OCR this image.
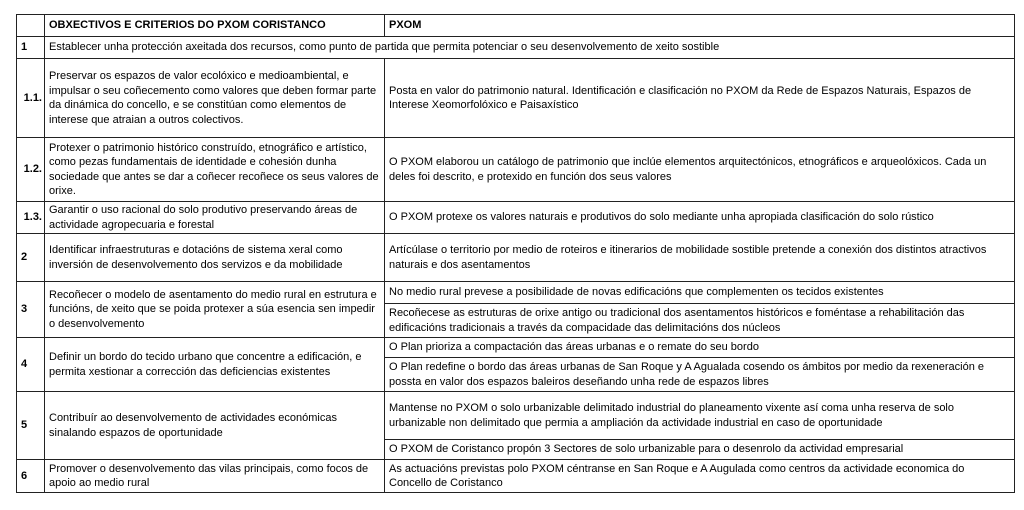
	OBXECTIVOS E CRITERIOS DO PXOM CORISTANCO	PXOM
1	Establecer unha protección axeitada dos recursos, como punto de partida que permita potenciar o seu desenvolvemento de xeito sostible	
1.1.	Preservar os espazos de valor ecolóxico e medioambiental, e impulsar o seu coñecemento como valores que deben formar parte da dinámica do concello, e se constitúan como elementos de interese que atraian a outros colectivos.	Posta en valor do patrimonio natural. Identificación e clasificación no PXOM da Rede de Espazos Naturais, Espazos de Interese Xeomorfolóxico e Paisaxístico
1.2.	Protexer o patrimonio histórico construído, etnográfico e artístico, como pezas fundamentais de identidade e cohesión dunha sociedade que antes se dar a coñecer recoñece os seus valores de orixe.	O PXOM elaborou un catálogo de patrimonio que inclúe elementos arquitectónicos, etnográficos e arqueolóxicos. Cada un deles foi descrito, e protexido en función dos seus valores
1.3.	Garantir o uso racional do solo produtivo preservando áreas de actividade agropecuaria e forestal	O PXOM protexe os valores naturais e produtivos do solo mediante unha apropiada clasificación do solo rústico
2	Identificar infraestruturas e dotacións de sistema xeral como inversión de desenvolvemento dos servizos e da mobilidade	Artícúlase o territorio por medio de roteiros e itinerarios de mobilidade sostible pretende a conexión dos distintos atractivos naturais e dos asentamentos
3	Recoñecer o modelo de asentamento do medio rural en estrutura e funcións, de xeito que se poida protexer a súa esencia sen impedir o desenvolvemento	No medio rural prevese a posibilidade de novas edificacións que complementen os tecidos existentes
		Recoñecese as estruturas de orixe antigo ou tradicional dos asentamentos históricos e foméntase a rehabilitación das edificacións tradicionais a través da compacidade das delimitacións dos núcleos
4	Definir un bordo do tecido urbano que concentre a edificación, e permita xestionar a corrección das deficiencias existentes	O Plan prioriza a compactación das áreas urbanas e o remate do seu bordo
		O Plan redefine o bordo das áreas urbanas de San Roque y A Agualada cosendo os ámbitos por medio da rexeneración e possta en valor dos espazos baleiros deseñando unha rede de espazos libres
5	Contribuír ao desenvolvemento de actividades económicas sinalando espazos de oportunidade	Mantense no PXOM o solo urbanizable delimitado industrial do planeamento vixente así coma unha reserva de solo urbanizable non delimitado que permia a ampliación da actividade industrial en caso de oportunidade
		O PXOM de Coristanco propón 3 Sectores de solo urbanizable para o desenrolo da actividad empresarial
6	Promover o desenvolvemento das vilas principais, como focos de apoio ao medio rural	As actuacións previstas polo PXOM céntranse en San Roque e A Augulada como centros da actividade economica do Concello de Coristanco
